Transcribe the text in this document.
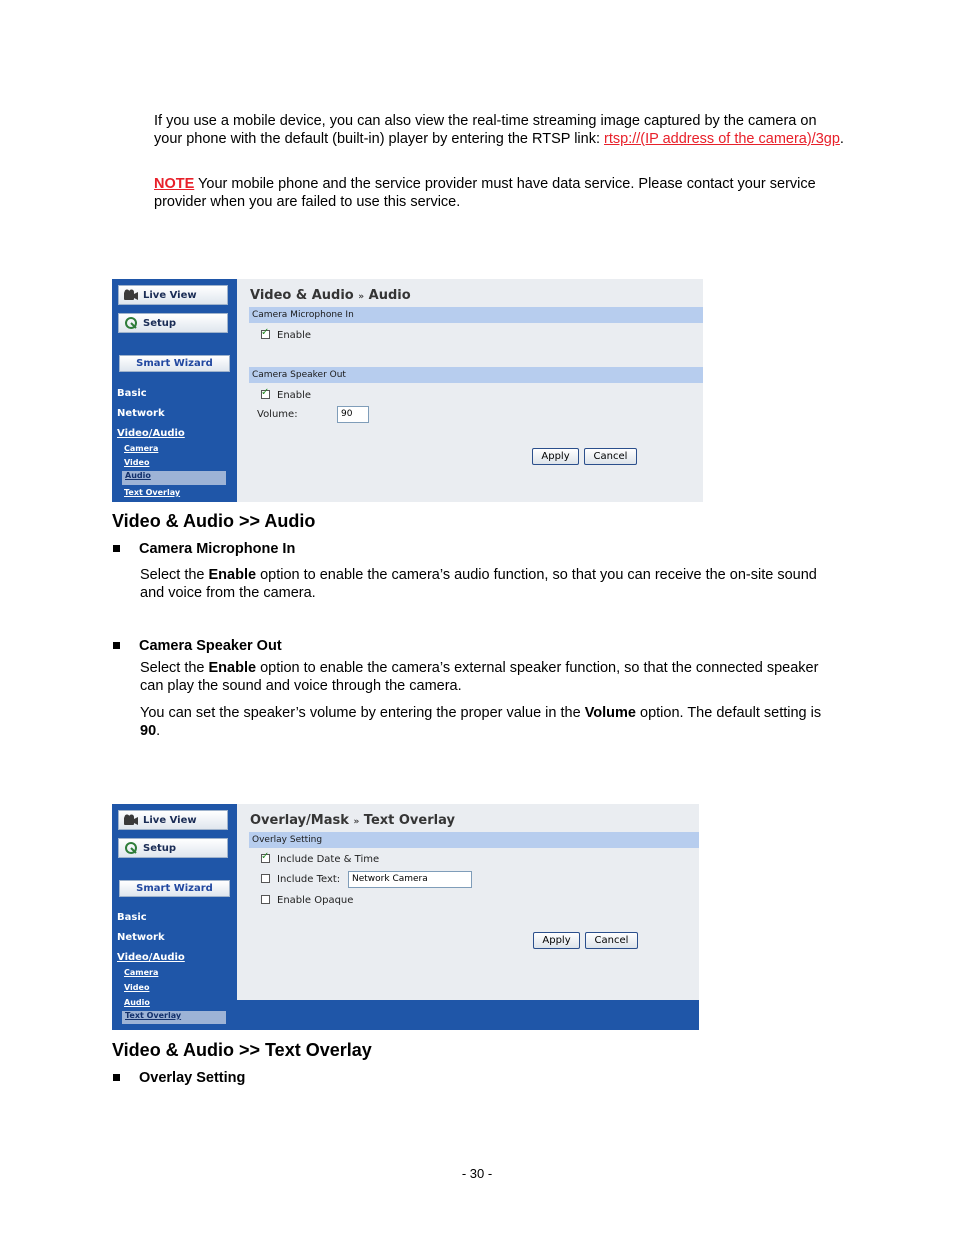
If you use a mobile device, you can also view the real-time streaming image captured by the camera on your phone with the default (built-in) player by entering the RTSP link: rtsp://(IP address of the camera)/3gp.
NOTE Your mobile phone and the service provider must have data service. Please contact your service provider when you are failed to use this service.
Live View
Setup
Smart Wizard
Basic
Network
Video/Audio
Camera
Video
Audio
Text Overlay
Video & Audio » Audio
Camera Microphone In
✓
Enable
Camera Speaker Out
✓
Enable
Volume:	90
Apply	Cancel
Video & Audio >> Audio
Camera Microphone In
Select the Enable option to enable the camera’s audio function, so that you can receive the on-site sound and voice from the camera.
Camera Speaker Out
Select the Enable option to enable the camera’s external speaker function, so that the connected speaker can play the sound and voice through the camera.
You can set the speaker’s volume by entering the proper value in the Volume option. The default setting is 90.
Live View
Setup
Smart Wizard
Basic
Network
Video/Audio
Camera
Video
Audio
Text Overlay
Overlay/Mask » Text Overlay
Overlay Setting
✓
Include Date & Time
Include Text:	Network Camera
Enable Opaque
Apply	Cancel
Video & Audio >> Text Overlay
Overlay Setting
- 30 -
